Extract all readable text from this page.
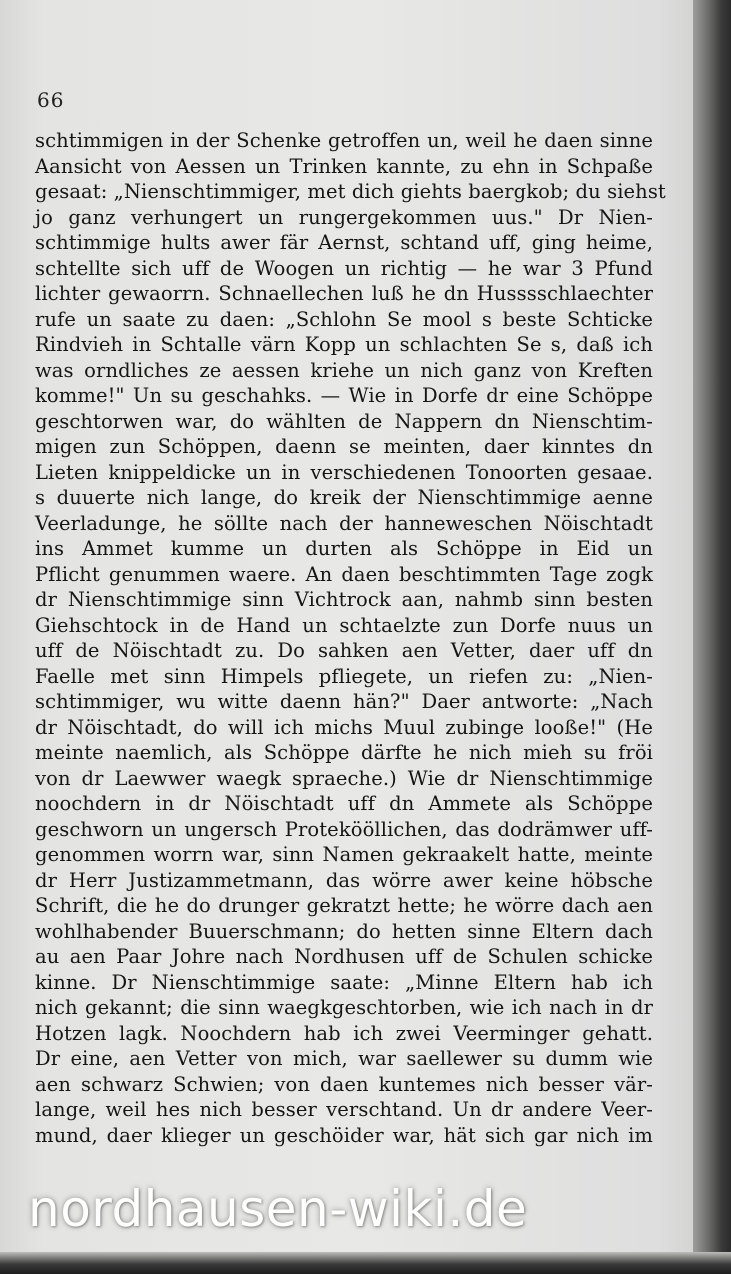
66
schtimmigen in der Schenke getroffen un, weil he daen sinne
Aansicht von Aessen un Trinken kannte, zu ehn in Schpaße
gesaat: „Nienschtimmiger, met dich giehts baergkob; du siehst
jo ganz verhungert un rungergekommen uus." Dr Nien-
schtimmige hults awer fär Aernst, schtand uff, ging heime,
schtellte sich uff de Woogen un richtig — he war 3 Pfund
lichter gewaorrn. Schnaellechen luß he dn Husssschlaechter
rufe un saate zu daen: „Schlohn Se mool s beste Schticke
Rindvieh in Schtalle värn Kopp un schlachten Se s, daß ich
was orndliches ze aessen kriehe un nich ganz von Kreften
komme!" Un su geschahks. — Wie in Dorfe dr eine Schöppe
geschtorwen war, do wählten de Nappern dn Nienschtim-
migen zun Schöppen, daenn se meinten, daer kinntes dn
Lieten knippeldicke un in verschiedenen Tonoorten gesaae.
s duuerte nich lange, do kreik der Nienschtimmige aenne
Veerladunge, he söllte nach der hanneweschen Nöischtadt
ins Ammet kumme un durten als Schöppe in Eid un
Pflicht genummen waere. An daen beschtimmten Tage zogk
dr Nienschtimmige sinn Vichtrock aan, nahmb sinn besten
Giehschtock in de Hand un schtaelzte zun Dorfe nuus un
uff de Nöischtadt zu. Do sahken aen Vetter, daer uff dn
Faelle met sinn Himpels pfliegete, un riefen zu: „Nien-
schtimmiger, wu witte daenn hän?" Daer antworte: „Nach
dr Nöischtadt, do will ich michs Muul zubinge looße!" (He
meinte naemlich, als Schöppe därfte he nich mieh su fröi
von dr Laewwer waegk spraeche.) Wie dr Nienschtimmige
noochdern in dr Nöischtadt uff dn Ammete als Schöppe
geschworn un ungersch Protekööllichen, das dodrämwer uff-
genommen worrn war, sinn Namen gekraakelt hatte, meinte
dr Herr Justizammetmann, das wörre awer keine höbsche
Schrift, die he do drunger gekratzt hette; he wörre dach aen
wohlhabender Buuerschmann; do hetten sinne Eltern dach
au aen Paar Johre nach Nordhusen uff de Schulen schicke
kinne. Dr Nienschtimmige saate: „Minne Eltern hab ich
nich gekannt; die sinn waegkgeschtorben, wie ich nach in dr
Hotzen lagk. Noochdern hab ich zwei Veerminger gehatt.
Dr eine, aen Vetter von mich, war saellewer su dumm wie
aen schwarz Schwien; von daen kuntemes nich besser vär-
lange, weil hes nich besser verschtand. Un dr andere Veer-
mund, daer klieger un geschöider war, hät sich gar nich im
nordhausen-wiki.de
